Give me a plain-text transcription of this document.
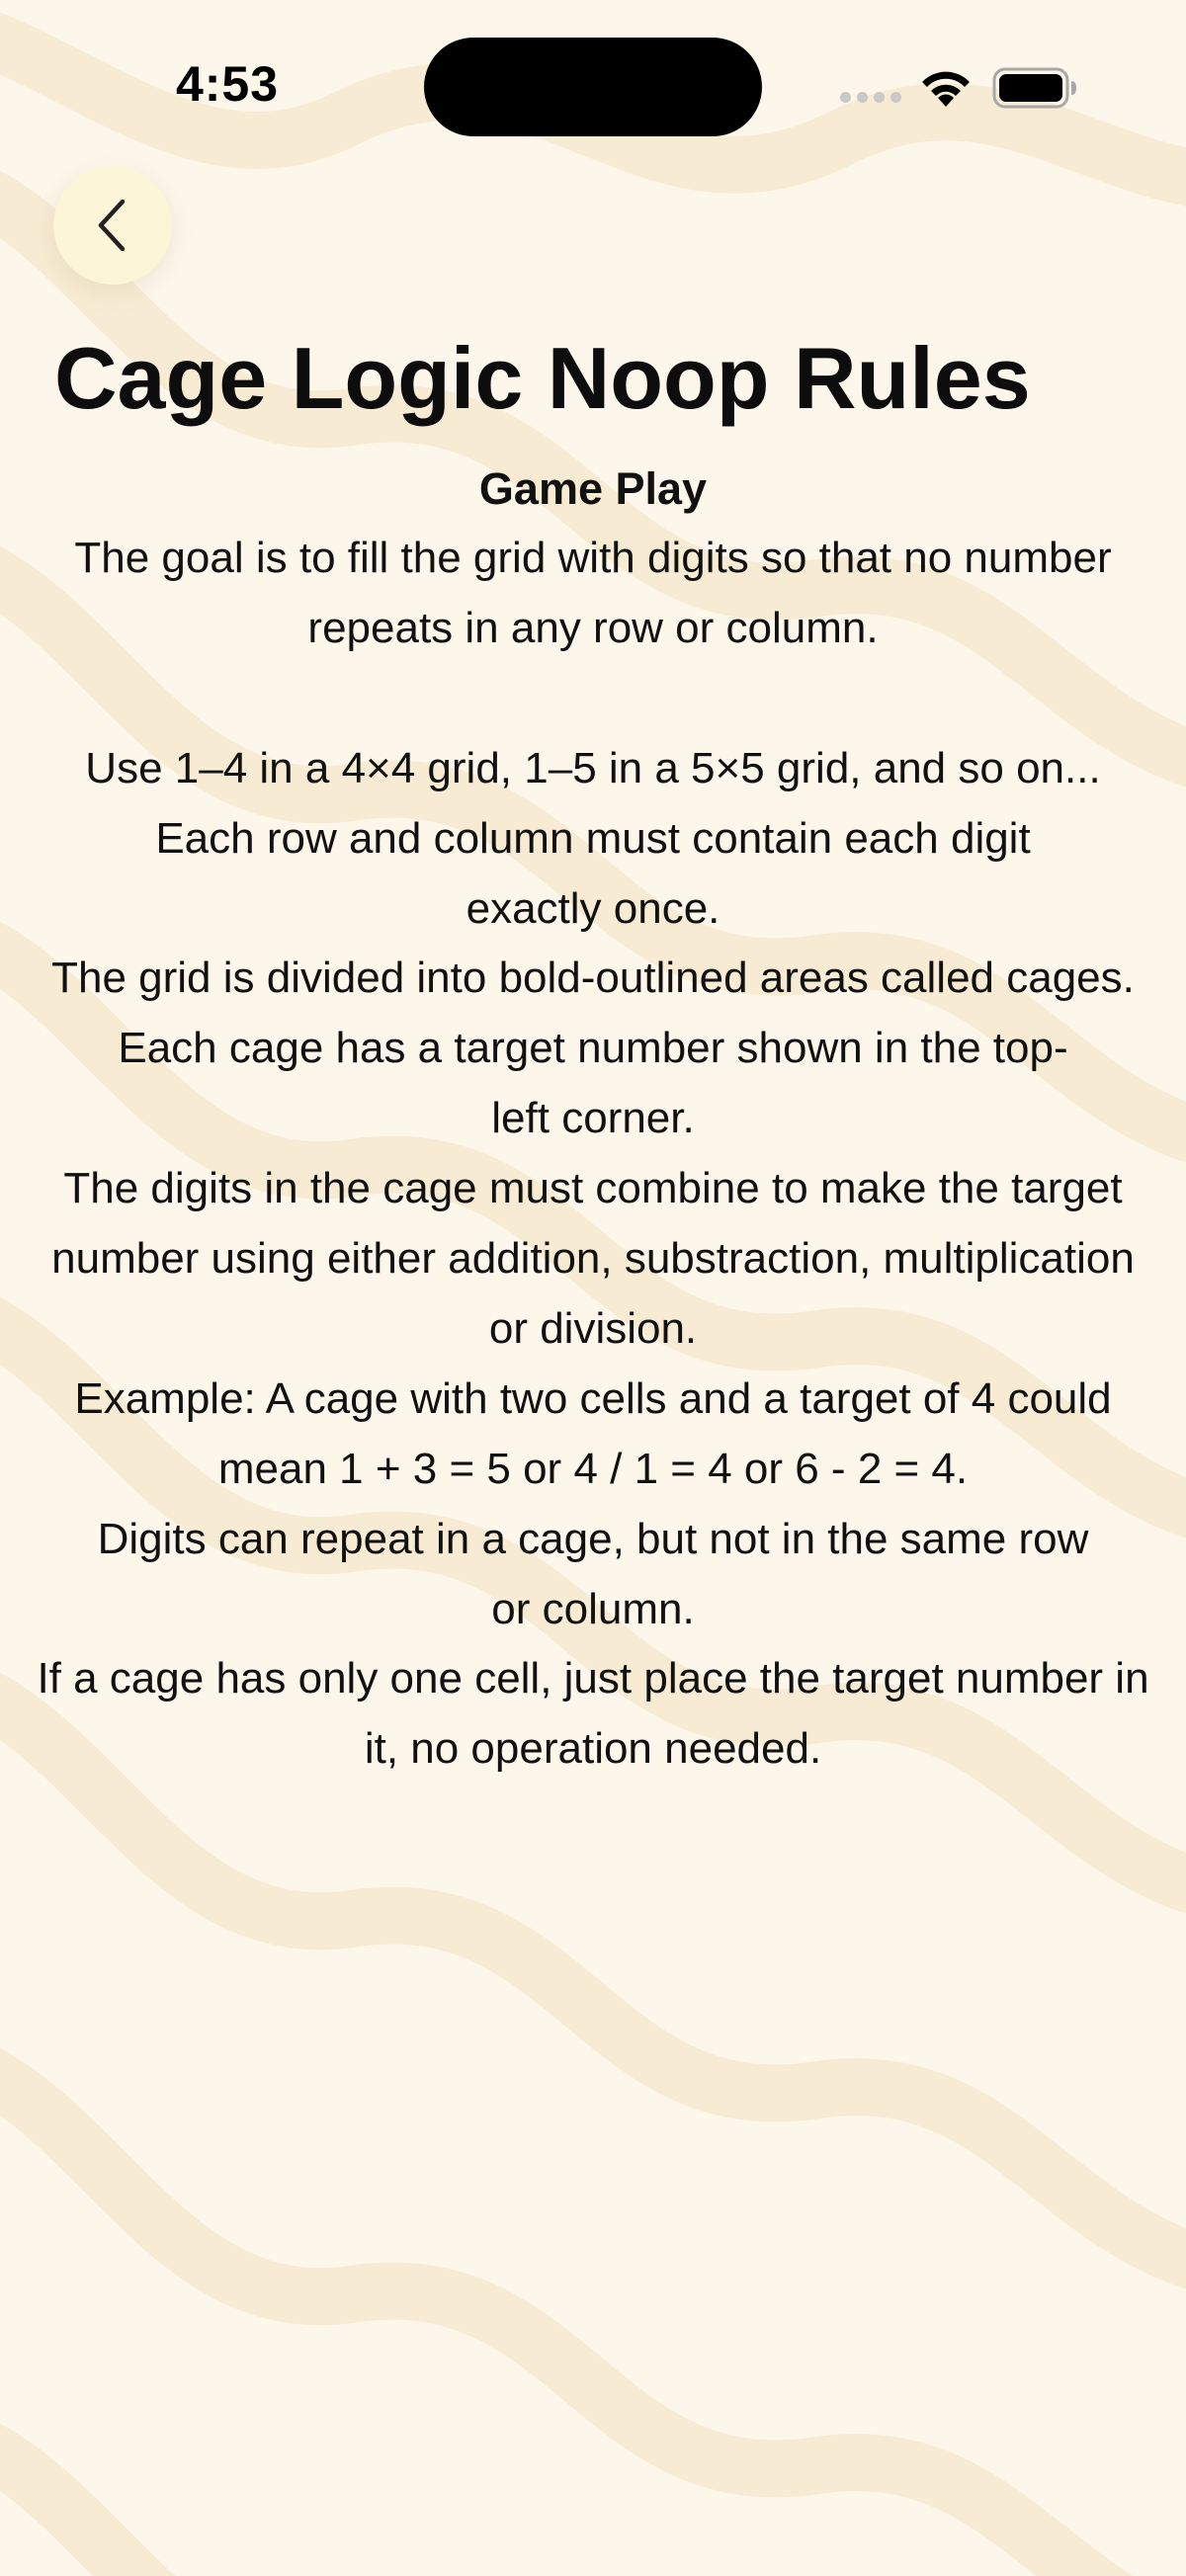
4:53
Cage Logic Noop Rules
Game Play
The goal is to fill the grid with digits so that no number
repeats in any row or column.
Use 1–4 in a 4×4 grid, 1–5 in a 5×5 grid, and so on...
Each row and column must contain each digit
exactly once.
The grid is divided into bold-outlined areas called cages.
Each cage has a target number shown in the top-
left corner.
The digits in the cage must combine to make the target
number using either addition, substraction, multiplication
or division.
Example: A cage with two cells and a target of 4 could
mean 1 + 3 = 5 or 4 / 1 = 4 or 6 - 2 = 4.
Digits can repeat in a cage, but not in the same row
or column.
If a cage has only one cell, just place the target number in
it, no operation needed.
